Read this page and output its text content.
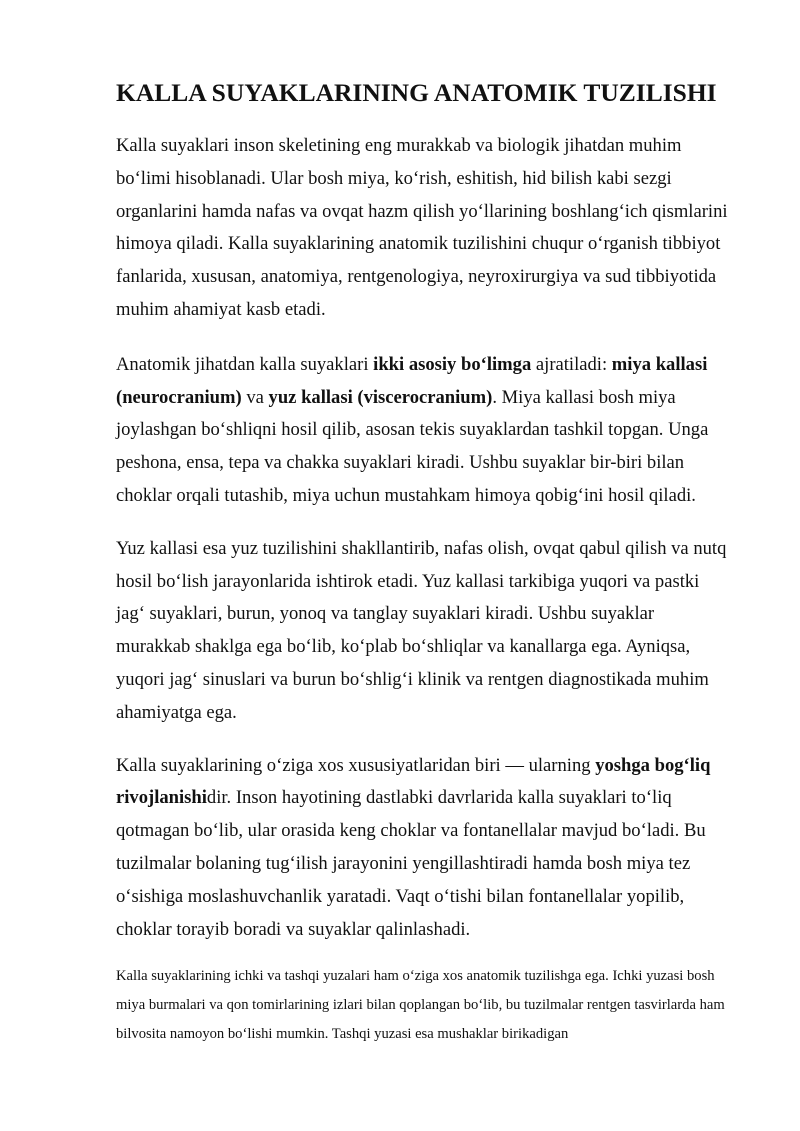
KALLA SUYAKLARINING ANATOMIK TUZILISHI

Kalla suyaklari inson skeletining eng murakkab va biologik jihatdan muhim bo‘limi hisoblanadi. Ular bosh miya, ko‘rish, eshitish, hid bilish kabi sezgi organlarini hamda nafas va ovqat hazm qilish yo‘llarining boshlang‘ich qismlarini himoya qiladi. Kalla suyaklarining anatomik tuzilishini chuqur o‘rganish tibbiyot fanlarida, xususan, anatomiya, rentgenologiya, neyroxirurgiya va sud tibbiyotida muhim ahamiyat kasb etadi.

Anatomik jihatdan kalla suyaklari ikki asosiy bo‘limga ajratiladi: miya kallasi (neurocranium) va yuz kallasi (viscerocranium). Miya kallasi bosh miya joylashgan bo‘shliqni hosil qilib, asosan tekis suyaklardan tashkil topgan. Unga peshona, ensa, tepa va chakka suyaklari kiradi. Ushbu suyaklar bir-biri bilan choklar orqali tutashib, miya uchun mustahkam himoya qobig‘ini hosil qiladi.

Yuz kallasi esa yuz tuzilishini shakllantirib, nafas olish, ovqat qabul qilish va nutq hosil bo‘lish jarayonlarida ishtirok etadi. Yuz kallasi tarkibiga yuqori va pastki jag‘ suyaklari, burun, yonoq va tanglay suyaklari kiradi. Ushbu suyaklar murakkab shaklga ega bo‘lib, ko‘plab bo‘shliqlar va kanallarga ega. Ayniqsa, yuqori jag‘ sinuslari va burun bo‘shlig‘i klinik va rentgen diagnostikada muhim ahamiyatga ega.

Kalla suyaklarining o‘ziga xos xususiyatlaridan biri — ularning yoshga bog‘liq rivojlanishidir. Inson hayotining dastlabki davrlarida kalla suyaklari to‘liq qotmagan bo‘lib, ular orasida keng choklar va fontanellalar mavjud bo‘ladi. Bu tuzilmalar bolaning tug‘ilish jarayonini yengillashtiradi hamda bosh miya tez o‘sishiga moslashuvchanlik yaratadi. Vaqt o‘tishi bilan fontanellalar yopilib, choklar torayib boradi va suyaklar qalinlashadi.

Kalla suyaklarining ichki va tashqi yuzalari ham o‘ziga xos anatomik tuzilishga ega. Ichki yuzasi bosh miya burmalari va qon tomirlarining izlari bilan qoplangan bo‘lib, bu tuzilmalar rentgen tasvirlarda ham bilvosita namoyon bo‘lishi mumkin. Tashqi yuzasi esa mushaklar birikadigan
